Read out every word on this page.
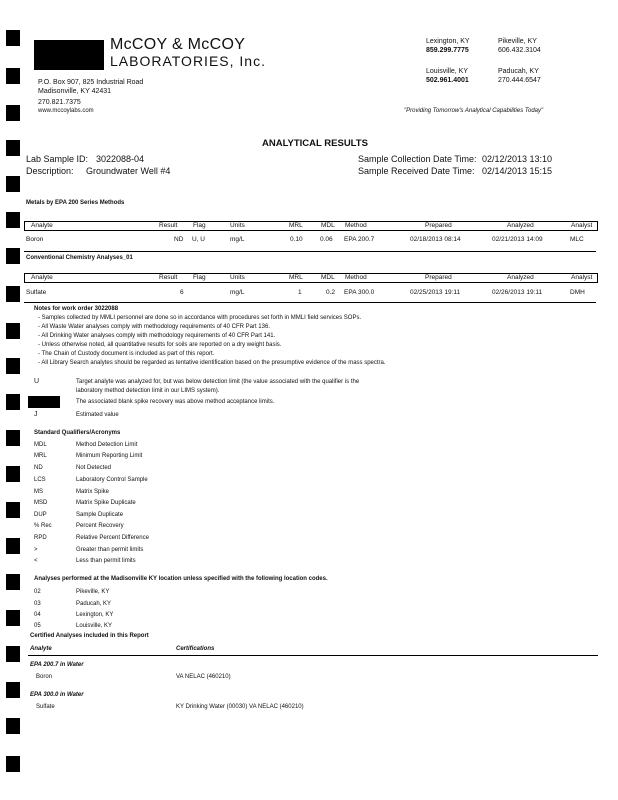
McCOY & McCOY
LABORATORIES, Inc.
P.O. Box 907, 825 Industrial Road
Madisonville, KY 42431
270.821.7375
www.mccoylabs.com
Lexington, KY
859.299.7775
Pikeville, KY
606.432.3104
Louisville, KY
502.961.4001
Paducah, KY
270.444.6547
"Providing Tomorrow's Analytical Capabilities Today"
ANALYTICAL RESULTS
Lab Sample ID: 3022088-04
Description: Groundwater Well #4
Sample Collection Date Time: 02/12/2013 13:10
Sample Received Date Time: 02/14/2013 15:15
Metals by EPA 200 Series Methods
Analyte	Result Flag	Units	MRL	MDL Method	Prepared	Analyzed	Analyst
Boron	ND U, U	mg/L	0.10	0.06 EPA 200.7	02/18/2013 08:14	02/21/2013 14:09	MLC
Conventional Chemistry Analyses_01
Analyte	Result Flag	Units	MRL	MDL Method	Prepared	Analyzed	Analyst
Sulfate	6	mg/L	1	0.2 EPA 300.0	02/25/2013 19:11	02/26/2013 19:11	DMH
Notes for work order 3022088
- Samples collected by MMLI personnel are done so in accordance with procedures set forth in MMLI field services SOPs.
- All Waste Water analyses comply with methodology requirements of 40 CFR Part 136.
- All Drinking Water analyses comply with methodology requirements of 40 CFR Part 141.
- Unless otherwise noted, all quantitative results for soils are reported on a dry weight basis.
- The Chain of Custody document is included as part of this report.
- All Library Search analytes should be regarded as tentative identification based on the presumptive evidence of the mass spectra.
U	Target analyte was analyzed for, but was below detection limit (the value associated with the qualifier is the
laboratory method detection limit in our LIMS system).
The associated blank spike recovery was above method acceptance limits.
J	Estimated value
Standard Qualifiers/Acronyms
MDL	Method Detection Limit
MRL	Minimum Reporting Limit
ND	Not Detected
LCS	Laboratory Control Sample
MS	Matrix Spike
MSD	Matrix Spike Duplicate
DUP	Sample Duplicate
% Rec	Percent Recovery
RPD	Relative Percent Difference
>	Greater than permit limits
<	Less than permit limits
Analyses performed at the Madisonville KY location unless specified with the following location codes.
02	Pikeville, KY
03	Paducah, KY
04	Lexington, KY
05	Louisville, KY
Certified Analyses included in this Report
Analyte	Certifications
EPA 200.7 in Water
Boron	VA NELAC (460210)
EPA 300.0 in Water
Sulfate	KY Drinking Water (00030) VA NELAC (460210)
